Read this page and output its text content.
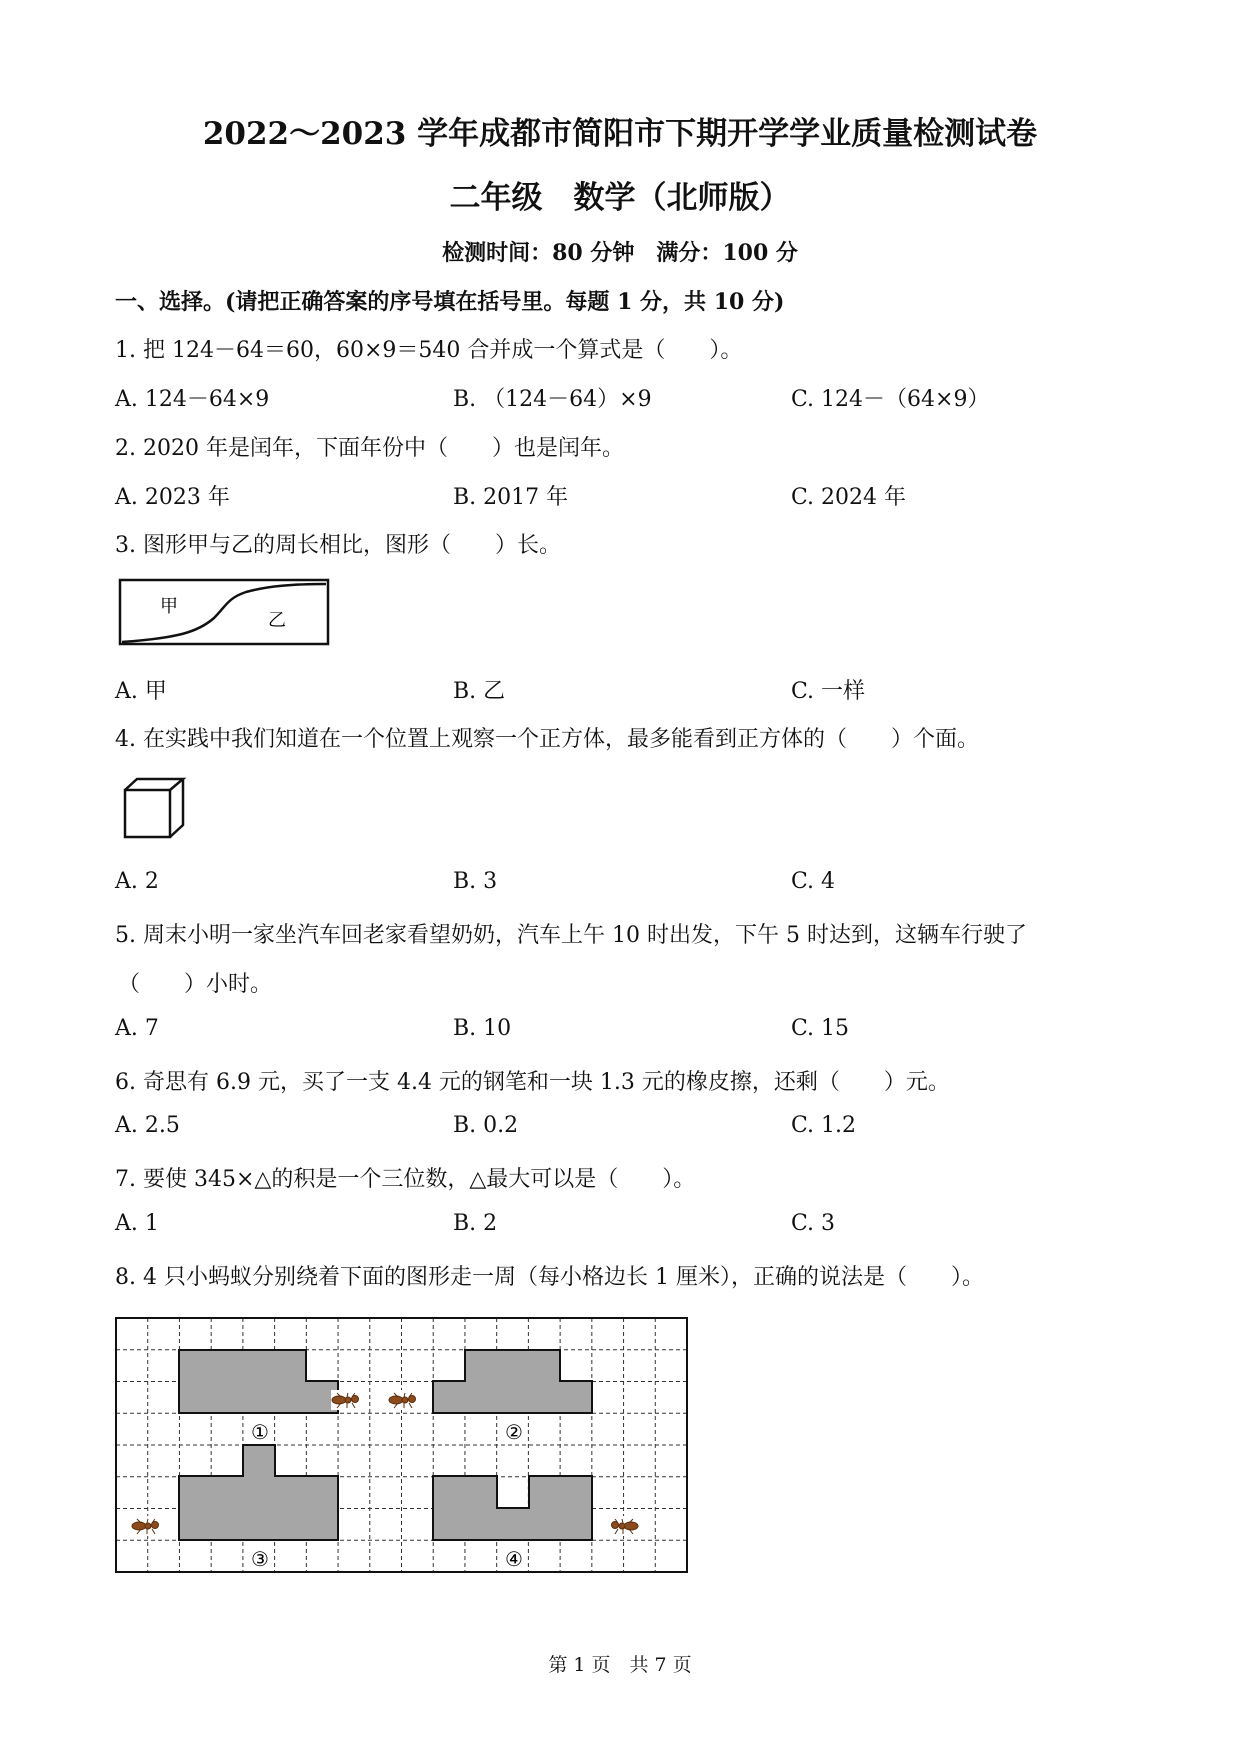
2022～2023 学年成都市简阳市下期开学学业质量检测试卷
二年级　数学（北师版）
检测时间：80 分钟　满分：100 分
一、选择。(请把正确答案的序号填在括号里。每题 1 分，共 10 分)
1. 把 124－64＝60，60×9＝540 合并成一个算式是（　　）。
A. 124－64×9	B. （124－64）×9	C. 124－（64×9）
2. 2020 年是闰年，下面年份中（　　）也是闰年。
A. 2023 年	B. 2017 年	C. 2024 年
3. 图形甲与乙的周长相比，图形（　　）长。
甲
乙
A. 甲	B. 乙	C. 一样
4. 在实践中我们知道在一个位置上观察一个正方体，最多能看到正方体的（　　）个面。
A. 2	B. 3	C. 4
5. 周末小明一家坐汽车回老家看望奶奶，汽车上午 10 时出发，下午 5 时达到，这辆车行驶了
（　　）小时。
A. 7	B. 10	C. 15
6. 奇思有 6.9 元，买了一支 4.4 元的钢笔和一块 1.3 元的橡皮擦，还剩（　　）元。
A. 2.5	B. 0.2	C. 1.2
7. 要使 345×△的积是一个三位数，△最大可以是（　　）。
A. 1	B. 2	C. 3
8. 4 只小蚂蚁分别绕着下面的图形走一周（每小格边长 1 厘米），正确的说法是（　　）。
①	②
③	④
第 1 页　共 7 页
